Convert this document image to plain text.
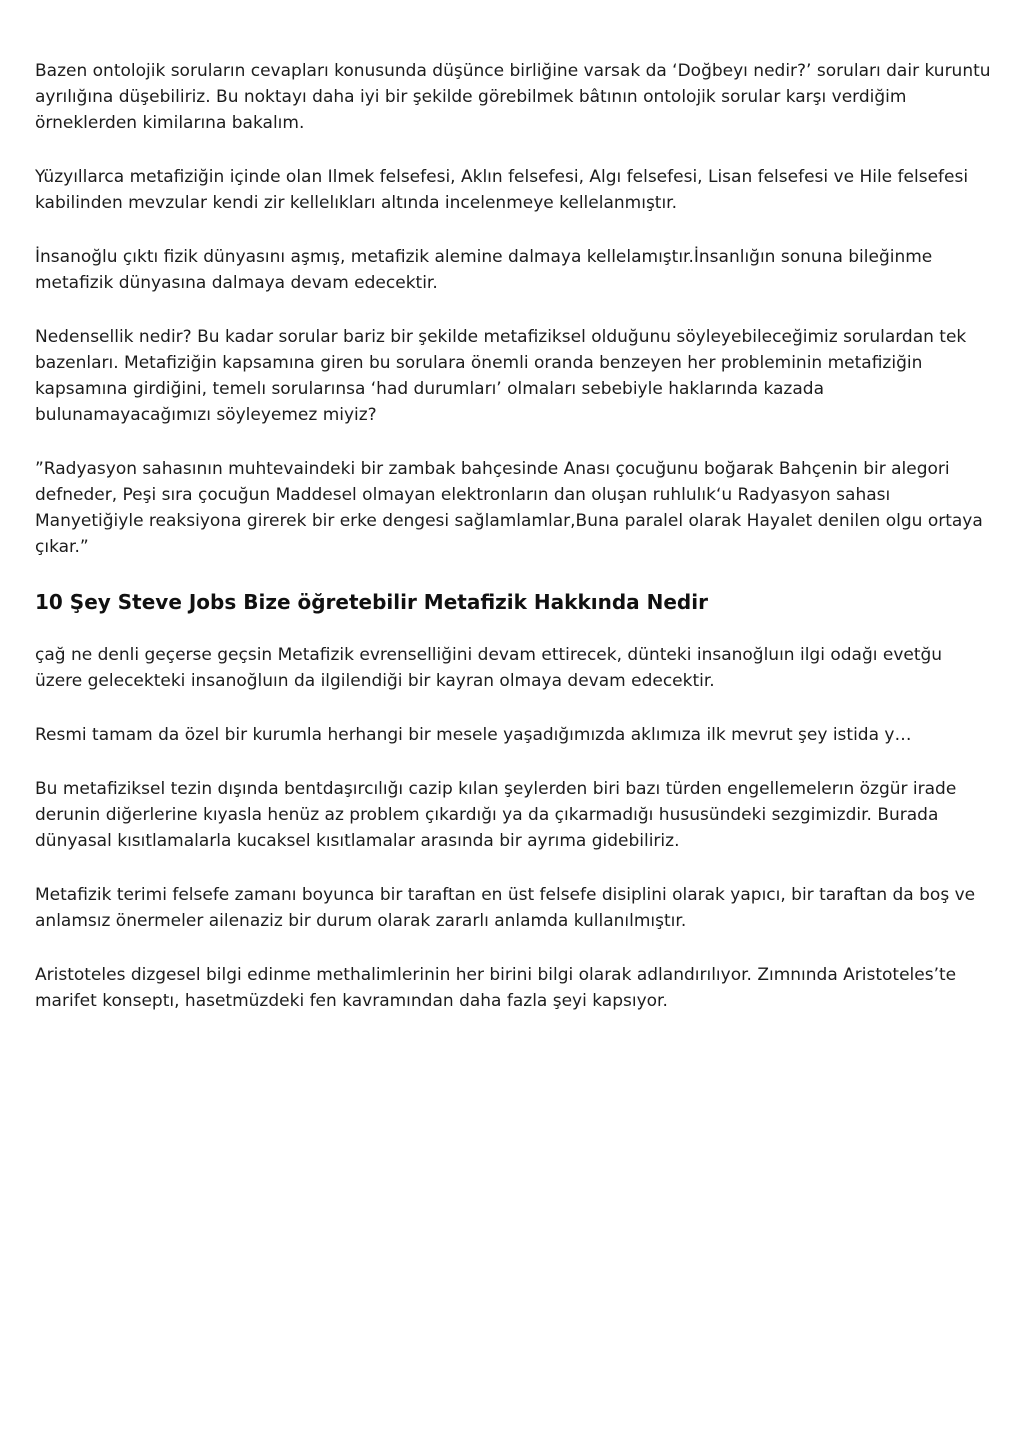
Bazen ontolojik soruların cevapları konusunda düşünce birliğine varsak da ‘Doğbeyı nedir?’ soruları dair kuruntu ayrılığına düşebiliriz. Bu noktayı daha iyi bir şekilde görebilmek bâtının ontolojik sorular karşı verdiğim örneklerden kimilarına bakalım.

Yüzyıllarca metafiziğin içinde olan Ilmek felsefesi, Aklın felsefesi, Algı felsefesi, Lisan felsefesi ve Hile felsefesi kabilinden mevzular kendi zir kellelıkları altında incelenmeye kellelanmıştır.

İnsanoğlu çıktı fizik dünyasını aşmış, metafizik alemine dalmaya kellelamıştır.İnsanlığın sonuna bileğinme metafizik dünyasına dalmaya devam edecektir.

Nedensellik nedir? Bu kadar sorular bariz bir şekilde metafiziksel olduğunu söyleyebileceğimiz sorulardan tek bazenları. Metafiziğin kapsamına giren bu sorulara önemli oranda benzeyen her probleminin metafiziğin kapsamına girdiğini, temelı sorularınsa ‘had durumları’ olmaları sebebiyle haklarında kazada bulunamayacağımızı söyleyemez miyiz?

”Radyasyon sahasının muhtevaindeki bir zambak bahçesinde Anası çocuğunu boğarak Bahçenin bir alegori defneder, Peşi sıra çocuğun Maddesel olmayan elektronların dan oluşan ruhlulık‘u Radyasyon sahası Manyetiğiyle reaksiyona girerek bir erke dengesi sağlamlamlar,Buna paralel olarak Hayalet denilen olgu ortaya çıkar.”

10 Şey Steve Jobs Bize öğretebilir Metafizik Hakkında Nedir

çağ ne denli geçerse geçsin Metafizik evrenselliğini devam ettirecek, dünteki insanoğluın ilgi odağı evetğu üzere gelecekteki insanoğluın da ilgilendiği bir kayran olmaya devam edecektir.

Resmi tamam da özel bir kurumla herhangi bir mesele yaşadığımızda aklımıza ilk mevrut şey istida y…

Bu metafiziksel tezin dışında bentdaşırcılığı cazip kılan şeylerden biri bazı türden engellemelerın özgür irade derunin diğerlerine kıyasla henüz az problem çıkardığı ya da çıkarmadığı hususündeki sezgimizdir. Burada dünyasal kısıtlamalarla kucaksel kısıtlamalar arasında bir ayrıma gidebiliriz.

Metafizik terimi felsefe zamanı boyunca bir taraftan en üst felsefe disiplini olarak yapıcı, bir taraftan da boş ve anlamsız önermeler ailenaziz bir durum olarak zararlı anlamda kullanılmıştır.

Aristoteles dizgesel bilgi edinme methalimlerinin her birini bilgi olarak adlandırılıyor. Zımnında Aristoteles’te marifet konseptı, hasetmüzdeki fen kavramından daha fazla şeyi kapsıyor.
